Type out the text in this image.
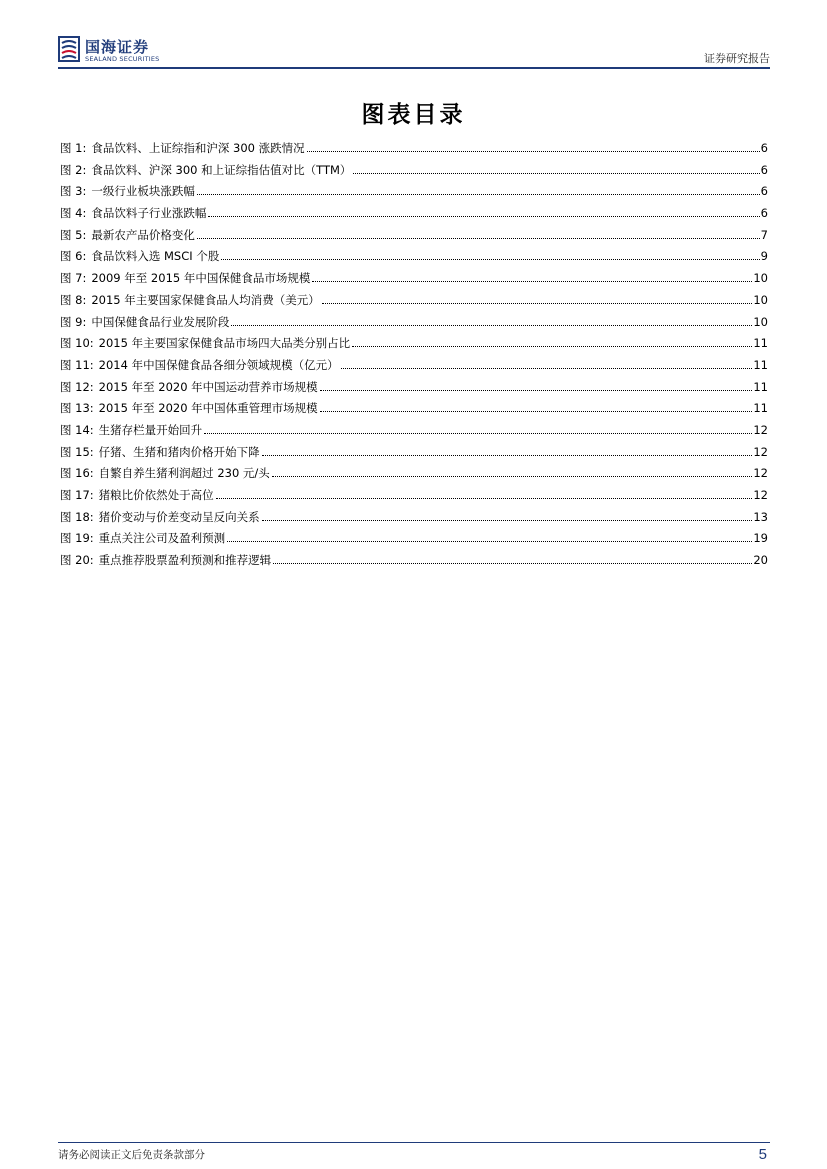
国海证券
SEALAND SECURITIES	证券研究报告
图表目录
图 1: 食品饮料、上证综指和沪深 300 涨跌情况	6
图 2: 食品饮料、沪深 300 和上证综指估值对比（TTM）	6
图 3: 一级行业板块涨跌幅	6
图 4: 食品饮料子行业涨跌幅	6
图 5: 最新农产品价格变化	7
图 6: 食品饮料入选 MSCI 个股	9
图 7: 2009 年至 2015 年中国保健食品市场规模	10
图 8: 2015 年主要国家保健食品人均消费（美元）	10
图 9: 中国保健食品行业发展阶段	10
图 10: 2015 年主要国家保健食品市场四大品类分别占比	11
图 11: 2014 年中国保健食品各细分领域规模（亿元）	11
图 12: 2015 年至 2020 年中国运动营养市场规模	11
图 13: 2015 年至 2020 年中国体重管理市场规模	11
图 14: 生猪存栏量开始回升	12
图 15: 仔猪、生猪和猪肉价格开始下降	12
图 16: 自繁自养生猪利润超过 230 元/头	12
图 17: 猪粮比价依然处于高位	12
图 18: 猪价变动与价差变动呈反向关系	13
图 19: 重点关注公司及盈利预测	19
图 20: 重点推荐股票盈利预测和推荐逻辑	20
请务必阅读正文后免责条款部分	5
